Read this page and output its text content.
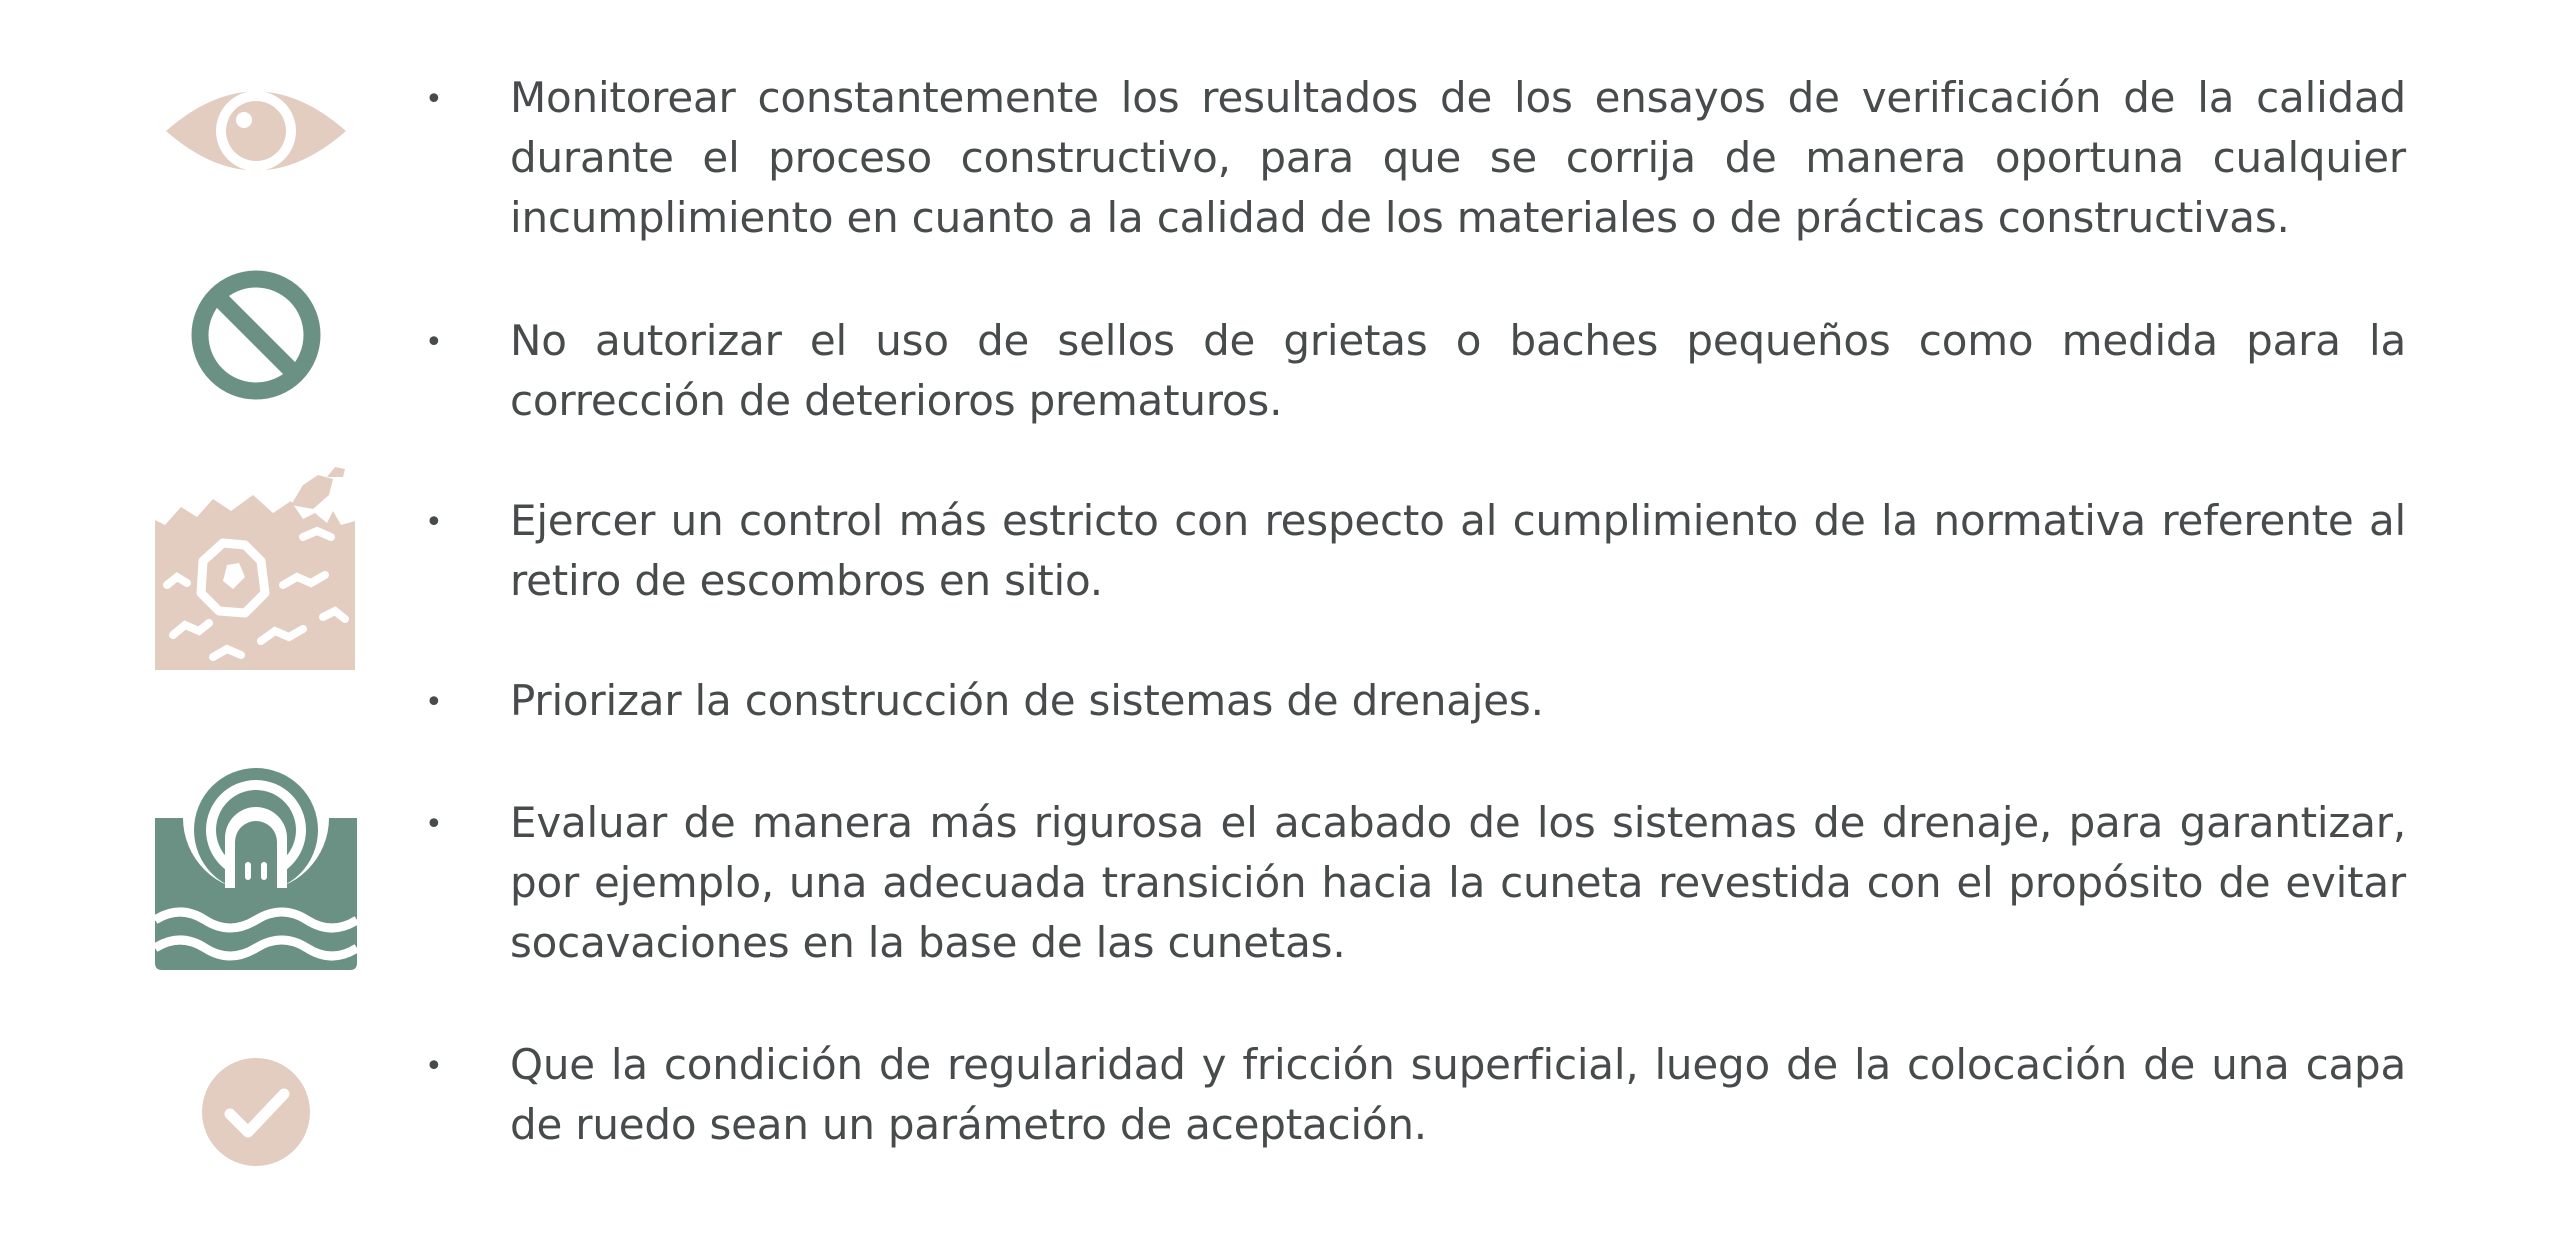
•
•
•
•
•
•
Monitorear constantemente los resultados de los ensayos de verificación de la calidad durante el proceso constructivo, para que se corrija de manera oportuna cualquier incumplimiento en cuanto a la calidad de los materiales o de prácticas constructivas.
No autorizar el uso de sellos de grietas o baches pequeños como medida para la corrección de deterioros prematuros.
Ejercer un control más estricto con respecto al cumplimiento de la normativa referente al retiro de escombros en sitio.
Priorizar la construcción de sistemas de drenajes.
Evaluar de manera más rigurosa el acabado de los sistemas de drenaje, para garantizar, por ejemplo, una adecuada transición hacia la cuneta revestida con el propósito de evitar socavaciones en la base de las cunetas.
Que la condición de regularidad y fricción superficial, luego de la colocación de una capa de ruedo sean un parámetro de aceptación.
